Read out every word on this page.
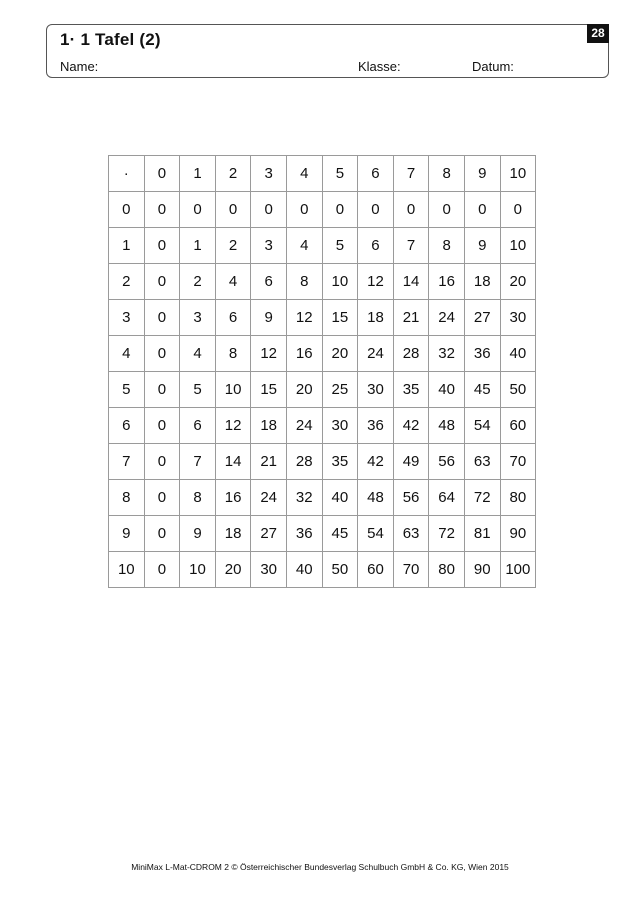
1· 1 Tafel (2)
Name:	Klasse:	Datum:
28
·	0	1	2	3	4	5	6	7	8	9	10
0	0	0	0	0	0	0	0	0	0	0	0
1	0	1	2	3	4	5	6	7	8	9	10
2	0	2	4	6	8	10	12	14	16	18	20
3	0	3	6	9	12	15	18	21	24	27	30
4	0	4	8	12	16	20	24	28	32	36	40
5	0	5	10	15	20	25	30	35	40	45	50
6	0	6	12	18	24	30	36	42	48	54	60
7	0	7	14	21	28	35	42	49	56	63	70
8	0	8	16	24	32	40	48	56	64	72	80
9	0	9	18	27	36	45	54	63	72	81	90
10	0	10	20	30	40	50	60	70	80	90	100
MiniMax L-Mat-CDROM 2 © Österreichischer Bundesverlag Schulbuch GmbH & Co. KG, Wien 2015
